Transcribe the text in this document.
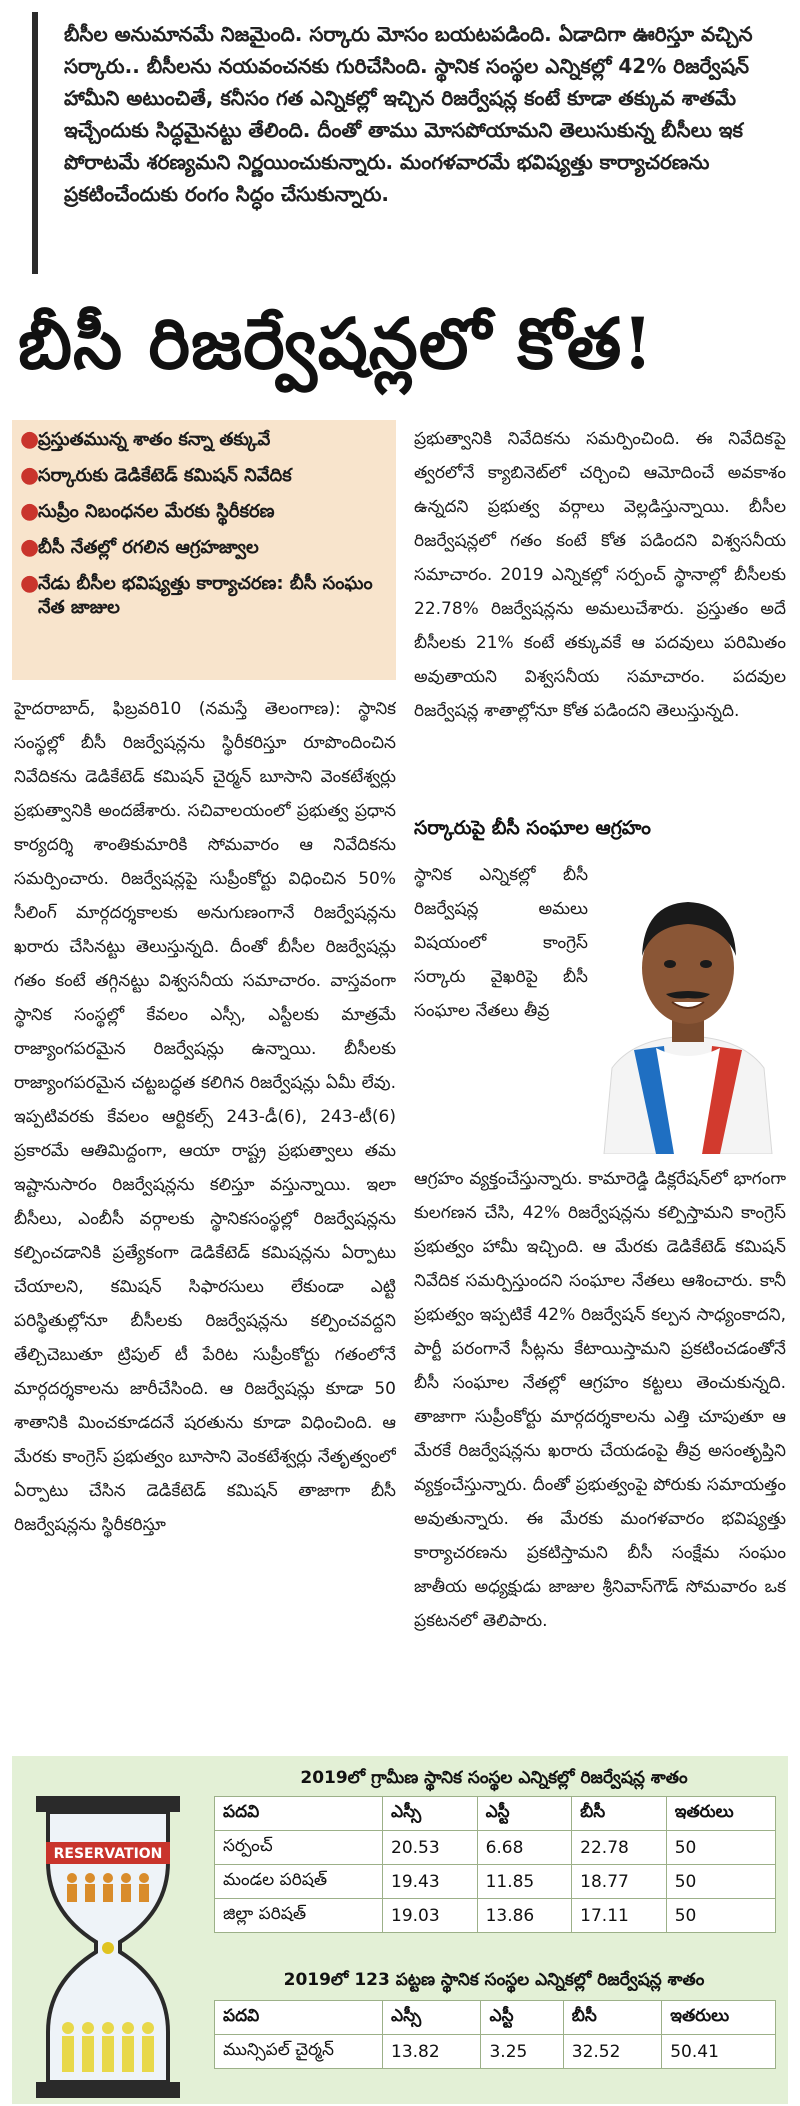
బీసీల అనుమానమే నిజమైంది. సర్కారు మోసం బయటపడింది. ఏడాదిగా ఊరిస్తూ వచ్చిన సర్కారు.. బీసీలను నయవంచనకు గురిచేసింది. స్థానిక సంస్థల ఎన్నికల్లో 42% రిజర్వేషన్‌ హామీని అటుంచితే, కనీసం గత ఎన్నికల్లో ఇచ్చిన రిజర్వేషన్ల కంటే కూడా తక్కువ శాతమే ఇచ్చేందుకు సిద్ధమైనట్టు తేలింది. దీంతో తాము మోసపోయామని తెలుసుకున్న బీసీలు ఇక పోరాటమే శరణ్యమని నిర్ణయించుకున్నారు. మంగళవారమే భవిష్యత్తు కార్యాచరణను ప్రకటించేందుకు రంగం సిద్ధం చేసుకున్నారు.
బీసీ రిజర్వేషన్లలో కోత!
●
ప్రస్తుతమున్న శాతం కన్నా తక్కువే
●
సర్కారుకు డెడికేటెడ్‌ కమిషన్‌ నివేదిక
●
సుప్రీం నిబంధనల మేరకు స్థిరీకరణ
●
బీసీ నేతల్లో రగలిన ఆగ్రహజ్వాల
●
నేడు బీసీల భవిష్యత్తు కార్యాచరణ: బీసీ సంఘం నేత జాజుల
హైదరాబాద్‌, ఫిబ్రవరి10 (నమస్తే తెలంగాణ): స్థానిక సంస్థల్లో బీసీ రిజర్వేషన్లను స్థిరీకరిస్తూ రూపొందించిన నివేదికను డెడికేటెడ్‌ కమిషన్‌ చైర్మన్‌ బూసాని వెంకటేశ్వర్లు ప్రభుత్వానికి అందజేశారు. సచివాలయంలో ప్రభుత్వ ప్రధాన కార్యదర్శి శాంతికుమారికి సోమవారం ఆ నివేదికను సమర్పించారు. రిజర్వేషన్లపై సుప్రీంకోర్టు విధించిన 50% సీలింగ్‌ మార్గదర్శకాలకు అనుగుణంగానే రిజర్వేషన్లను ఖరారు చేసినట్టు తెలుస్తున్నది. దీంతో బీసీల రిజర్వేషన్లు గతం కంటే తగ్గినట్టు విశ్వసనీయ సమాచారం. వాస్తవంగా స్థానిక సంస్థల్లో కేవలం ఎస్సీ, ఎస్టీలకు మాత్రమే రాజ్యాంగపరమైన రిజర్వేషన్లు ఉన్నాయి. బీసీలకు రాజ్యాంగపరమైన చట్టబద్ధత కలిగిన రిజర్వేషన్లు ఏమీ లేవు. ఇప్పటివరకు కేవలం ఆర్టికల్స్‌ 243-డీ(6), 243-టీ(6) ప్రకారమే ఆతిమిద్దంగా, ఆయా రాష్ట్ర ప్రభుత్వాలు తమ ఇష్టానుసారం రిజర్వేషన్లను కలిస్తూ వస్తున్నాయి. ఇలా బీసీలు, ఎంబీసీ వర్గాలకు స్థానికసంస్థల్లో రిజర్వేషన్లను కల్పించడానికి ప్రత్యేకంగా డెడికేటెడ్‌ కమిషన్లను ఏర్పాటు చేయాలని, కమిషన్‌ సిఫారసులు లేకుండా ఎట్టి పరిస్థితుల్లోనూ బీసీలకు రిజర్వేషన్లను కల్పించవద్దని తేల్చిచెబుతూ ట్రిపుల్‌ టీ పేరిట సుప్రీంకోర్టు గతంలోనే మార్గదర్శకాలను జారీచేసింది. ఆ రిజర్వేషన్లు కూడా 50 శాతానికి మించకూడదనే షరతును కూడా విధించింది. ఆ మేరకు కాంగ్రెస్‌ ప్రభుత్వం బూసాని వెంకటేశ్వర్లు నేతృత్వంలో ఏర్పాటు చేసిన డెడికేటెడ్‌ కమిషన్‌ తాజాగా బీసీ రిజర్వేషన్లను స్థిరీకరిస్తూ
ప్రభుత్వానికి నివేదికను సమర్పించింది. ఈ నివేదికపై త్వరలోనే క్యాబినెట్‌లో చర్చించి ఆమోదించే అవకాశం ఉన్నదని ప్రభుత్వ వర్గాలు వెల్లడిస్తున్నాయి. బీసీల రిజర్వేషన్లలో గతం కంటే కోత పడిందని విశ్వసనీయ సమాచారం. 2019 ఎన్నికల్లో సర్పంచ్‌ స్థానాల్లో బీసీలకు 22.78% రిజర్వేషన్లను అమలుచేశారు. ప్రస్తుతం అదే బీసీలకు 21% కంటే తక్కువకే ఆ పదవులు పరిమితం అవుతాయని విశ్వసనీయ సమాచారం. పదవుల రిజర్వేషన్ల శాతాల్లోనూ కోత పడిందని తెలుస్తున్నది.
సర్కారుపై బీసీ సంఘాల ఆగ్రహం
స్థానిక ఎన్నికల్లో బీసీ రిజర్వేషన్ల అమలు విషయంలో కాంగ్రెస్‌ సర్కారు వైఖరిపై బీసీ సంఘాల నేతలు తీవ్ర
ఆగ్రహం వ్యక్తంచేస్తున్నారు. కామారెడ్డి డిక్లరేషన్‌లో భాగంగా కులగణన చేసి, 42% రిజర్వేషన్లను కల్పిస్తామని కాంగ్రెస్‌ ప్రభుత్వం హామీ ఇచ్చింది. ఆ మేరకు డెడికేటెడ్‌ కమిషన్‌ నివేదిక సమర్పిస్తుందని సంఘాల నేతలు ఆశించారు. కానీ ప్రభుత్వం ఇప్పటికే 42% రిజర్వేషన్‌ కల్పన సాధ్యంకాదని, పార్టీ పరంగానే సీట్లను కేటాయిస్తామని ప్రకటించడంతోనే బీసీ సంఘాల నేతల్లో ఆగ్రహం కట్టలు తెంచుకున్నది. తాజాగా సుప్రీంకోర్టు మార్గదర్శకాలను ఎత్తి చూపుతూ ఆ మేరకే రిజర్వేషన్లను ఖరారు చేయడంపై తీవ్ర అసంతృప్తిని వ్యక్తంచేస్తున్నారు. దీంతో ప్రభుత్వంపై పోరుకు సమాయత్తం అవుతున్నారు. ఈ మేరకు మంగళవారం భవిష్యత్తు కార్యాచరణను ప్రకటిస్తామని బీసీ సంక్షేమ సంఘం జాతీయ అధ్యక్షుడు జాజుల శ్రీనివాస్‌గౌడ్‌ సోమవారం ఒక ప్రకటనలో తెలిపారు.
RESERVATION
2019లో గ్రామీణ స్థానిక సంస్థల ఎన్నికల్లో రిజర్వేషన్ల శాతం
పదవి	ఎస్సీ	ఎస్టీ	బీసీ	ఇతరులు
సర్పంచ్‌	20.53	6.68	22.78	50
మండల పరిషత్‌	19.43	11.85	18.77	50
జిల్లా పరిషత్‌	19.03	13.86	17.11	50
2019లో 123 పట్టణ స్థానిక సంస్థల ఎన్నికల్లో రిజర్వేషన్ల శాతం
పదవి	ఎస్సీ	ఎస్టీ	బీసీ	ఇతరులు
మున్సిపల్‌ చైర్మన్‌	13.82	3.25	32.52	50.41
